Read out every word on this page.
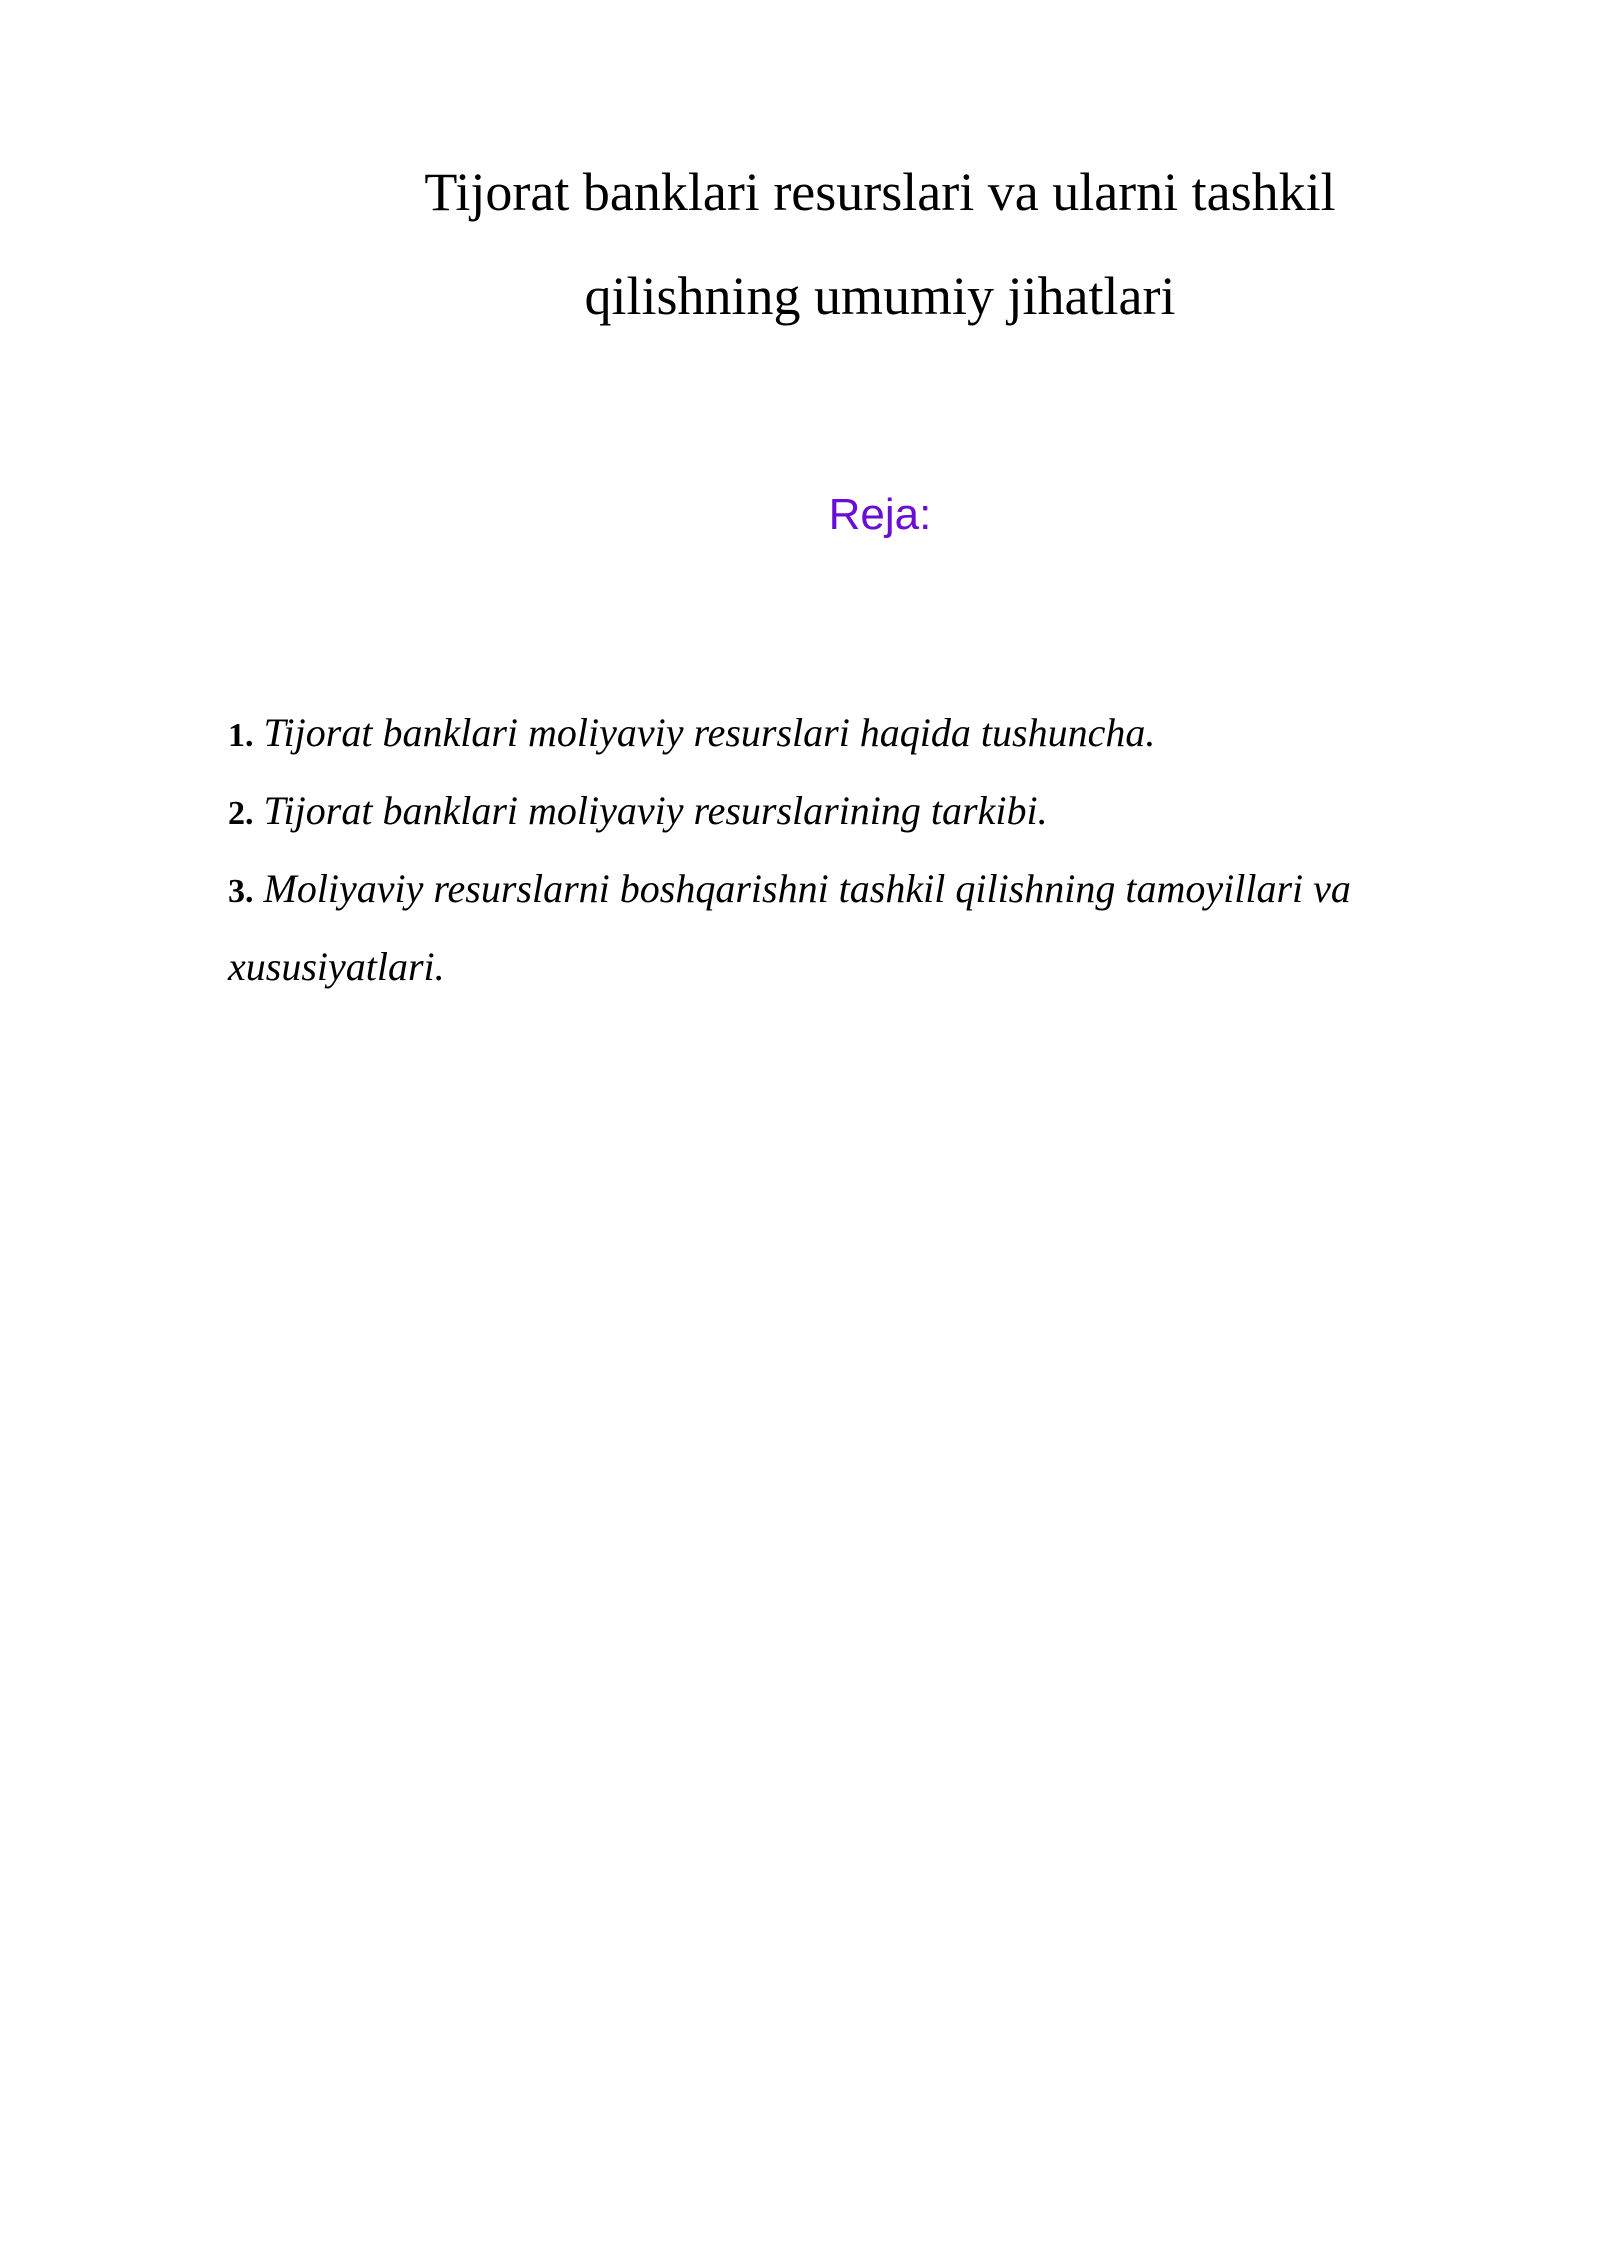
Tijorat banklari resurslari va ularni tashkil
qilishning umumiy jihatlari
Reja:

1. Tijorat banklari moliyaviy resurslari haqida tushuncha.

2. Tijorat banklari moliyaviy resurslarining tarkibi.

3. Moliyaviy resurslarni boshqarishni tashkil qilishning tamoyillari va xususiyatlari.
